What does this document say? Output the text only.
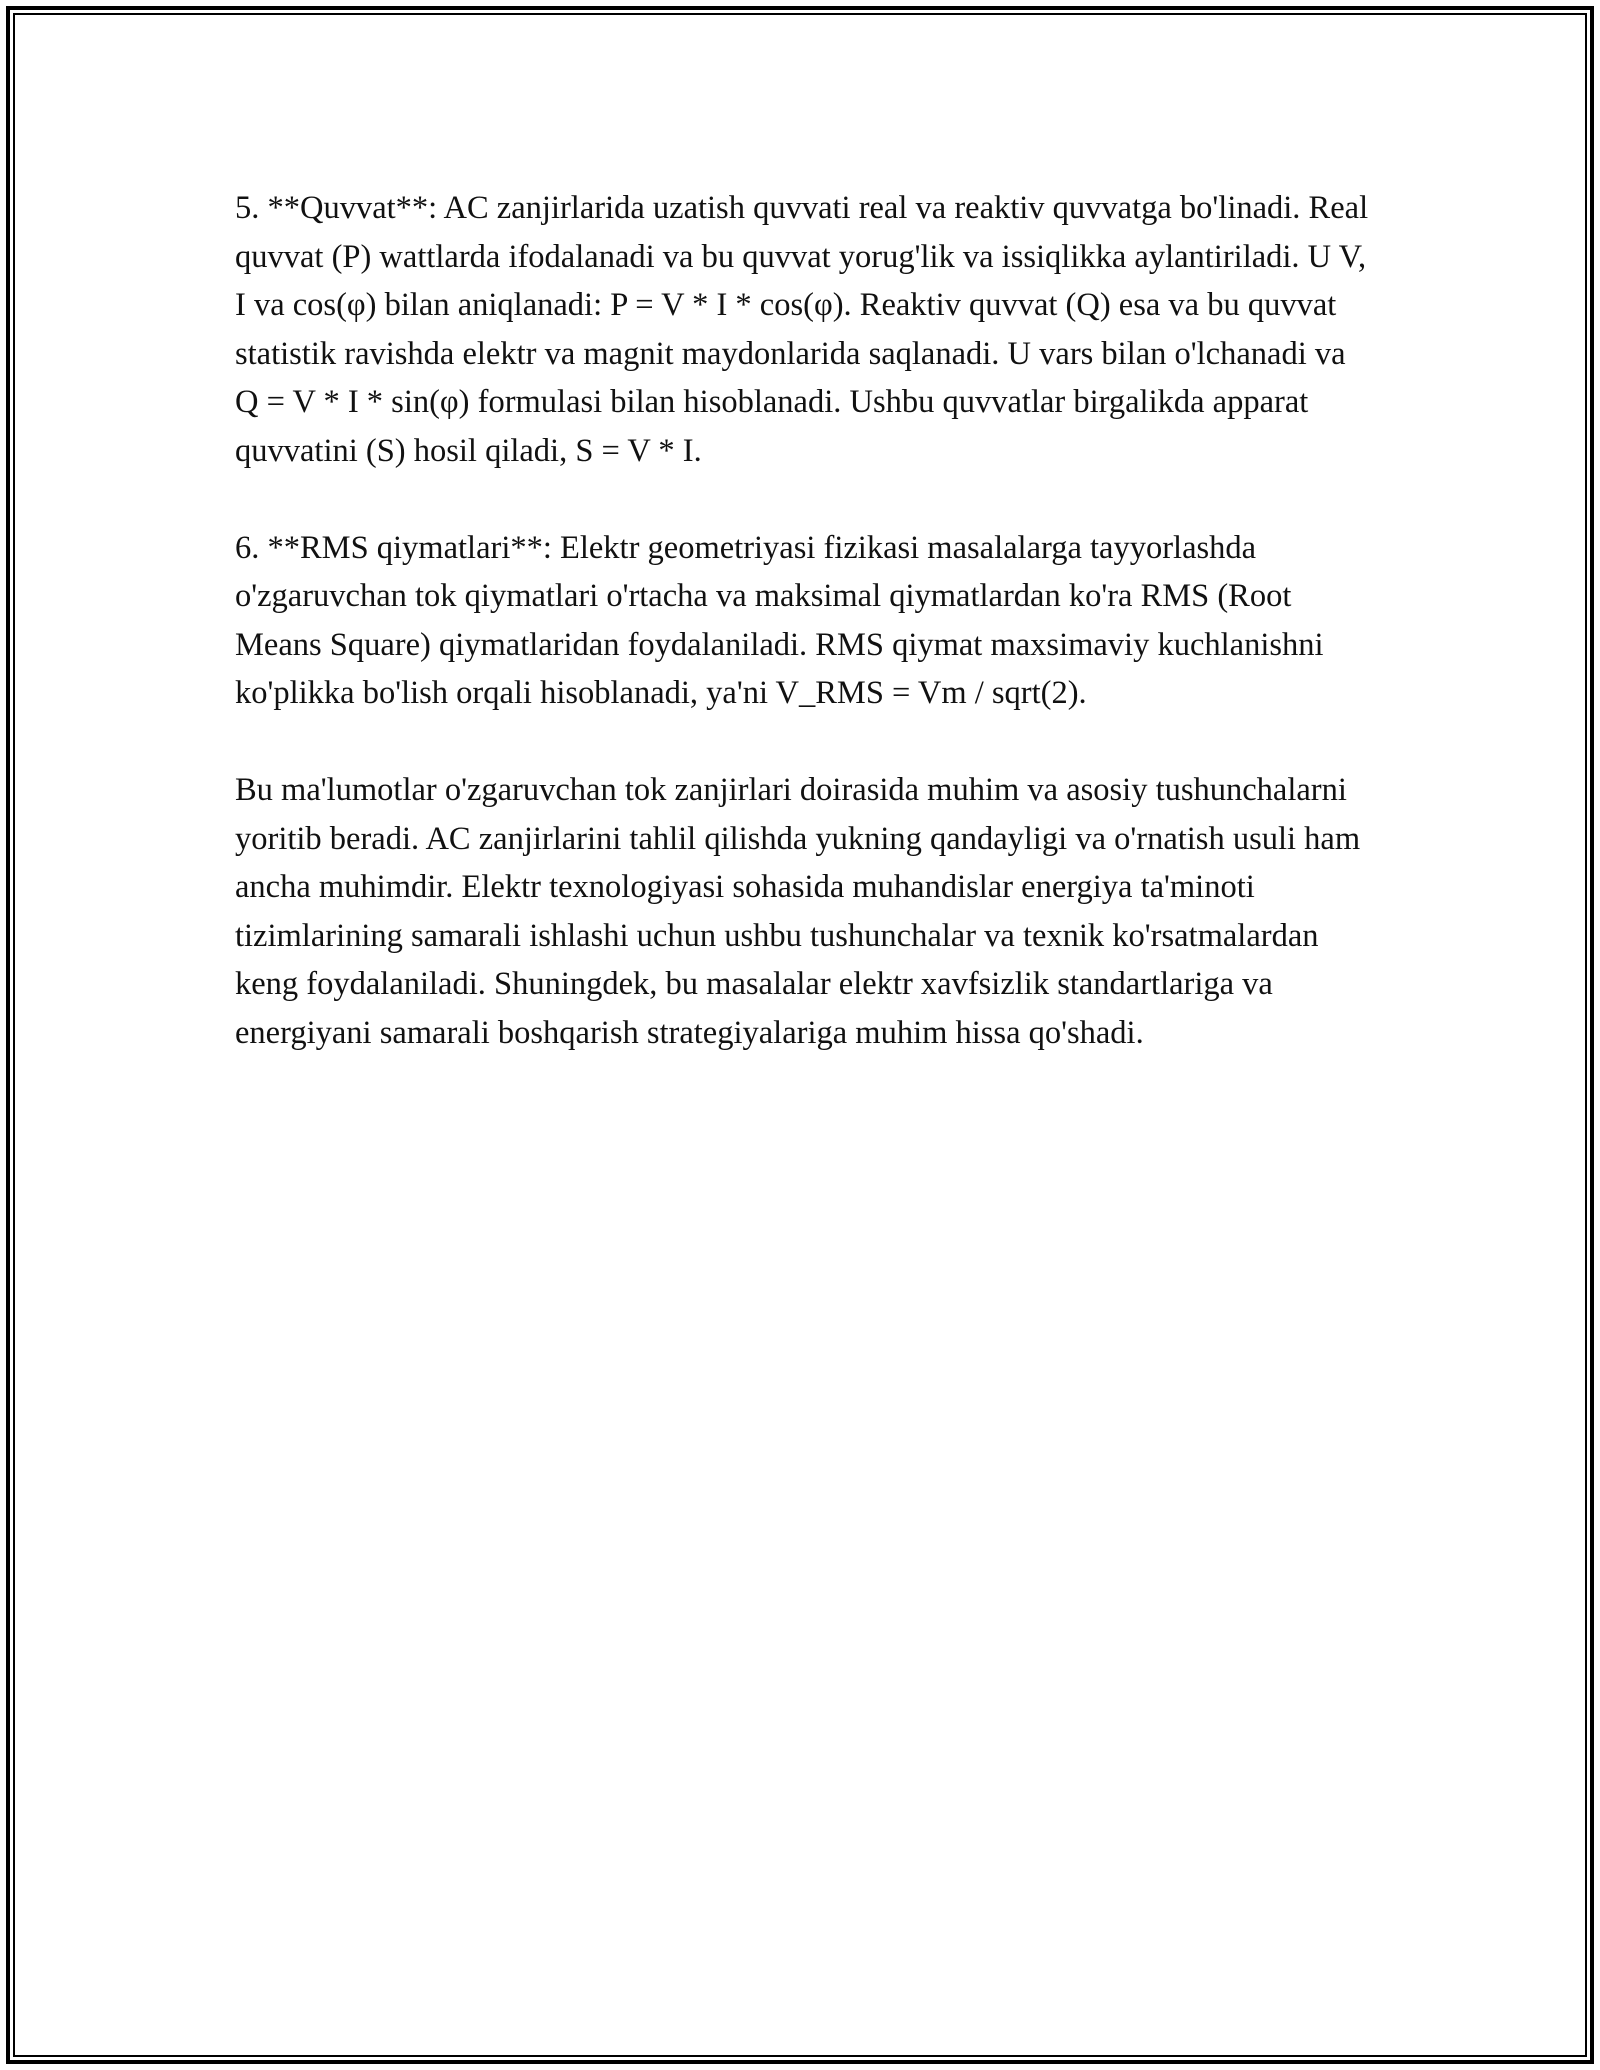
5. **Quvvat**: AC zanjirlarida uzatish quvvati real va reaktiv quvvatga bo'linadi. Real quvvat (P) wattlarda ifodalanadi va bu quvvat yorug'lik va issiqlikka aylantiriladi. U V, I va cos(φ) bilan aniqlanadi: P = V * I * cos(φ). Reaktiv quvvat (Q) esa va bu quvvat statistik ravishda elektr va magnit maydonlarida saqlanadi. U vars bilan o'lchanadi va Q = V * I * sin(φ) formulasi bilan hisoblanadi. Ushbu quvvatlar birgalikda apparat quvvatini (S) hosil qiladi, S = V * I.

6. **RMS qiymatlari**: Elektr geometriyasi fizikasi masalalarga tayyorlashda o'zgaruvchan tok qiymatlari o'rtacha va maksimal qiymatlardan ko'ra RMS (Root Means Square) qiymatlaridan foydalaniladi. RMS qiymat maxsimaviy kuchlanishni ko'plikka bo'lish orqali hisoblanadi, ya'ni V_RMS = Vm / sqrt(2).

Bu ma'lumotlar o'zgaruvchan tok zanjirlari doirasida muhim va asosiy tushunchalarni yoritib beradi. AC zanjirlarini tahlil qilishda yukning qandayligi va o'rnatish usuli ham ancha muhimdir. Elektr texnologiyasi sohasida muhandislar energiya ta'minoti tizimlarining samarali ishlashi uchun ushbu tushunchalar va texnik ko'rsatmalardan keng foydalaniladi. Shuningdek, bu masalalar elektr xavfsizlik standartlariga va energiyani samarali boshqarish strategiyalariga muhim hissa qo'shadi.
